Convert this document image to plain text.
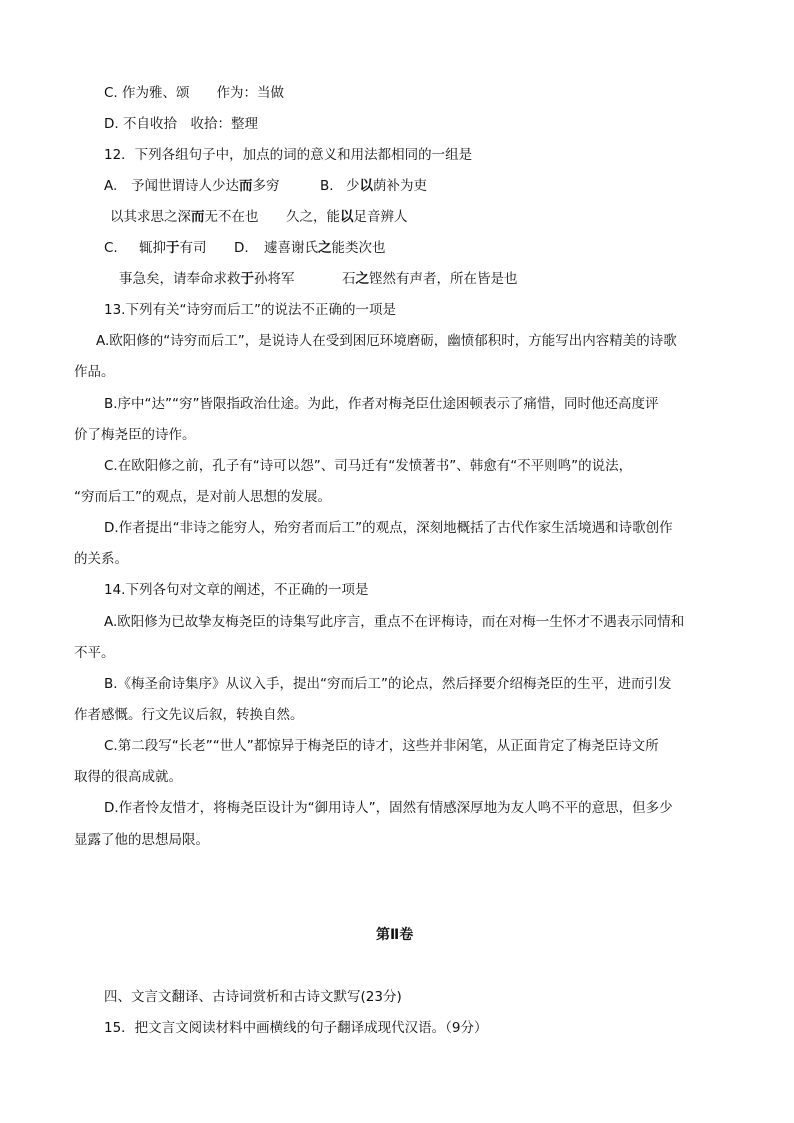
C. 作为雅、颂　　作为：当做
D. 不自收拾　收拾：整理
12．下列各组句子中，加点的词的意义和用法都相同的一组是
A. 予闻世谓诗人少达而多穷	B. 少以荫补为吏
以其求思之深而无不在也 久之，能以足音辨人
C. 辄抑于有司 D. 遽喜谢氏之能类次也
事急矣，请奉命求救于孙将军	石之铿然有声者，所在皆是也
13.下列有关“诗穷而后工”的说法不正确的一项是
A.欧阳修的“诗穷而后工”，是说诗人在受到困厄环境磨砺，幽愤郁积时，方能写出内容精美的诗歌
作品。
B.序中“达”“穷”皆限指政治仕途。为此，作者对梅尧臣仕途困顿表示了痛惜，同时他还高度评
价了梅尧臣的诗作。
C.在欧阳修之前，孔子有“诗可以怨”、司马迁有“发愤著书”、韩愈有“不平则鸣”的说法，
“穷而后工”的观点，是对前人思想的发展。
D.作者提出“非诗之能穷人，殆穷者而后工”的观点，深刻地概括了古代作家生活境遇和诗歌创作
的关系。
14.下列各句对文章的阐述，不正确的一项是
A.欧阳修为已故挚友梅尧臣的诗集写此序言，重点不在评梅诗，而在对梅一生怀才不遇表示同情和
不平。
B.《梅圣俞诗集序》从议入手，提出“穷而后工”的论点，然后择要介绍梅尧臣的生平，进而引发
作者感慨。行文先议后叙，转换自然。
C.第二段写“长老”“世人”都惊异于梅尧臣的诗才，这些并非闲笔，从正面肯定了梅尧臣诗文所
取得的很高成就。
D.作者怜友惜才，将梅尧臣设计为“御用诗人”，固然有情感深厚地为友人鸣不平的意思，但多少
显露了他的思想局限。
第Ⅱ卷
四、文言文翻译、古诗词赏析和古诗文默写(23分)
15．把文言文阅读材料中画横线的句子翻译成现代汉语。（9分）
